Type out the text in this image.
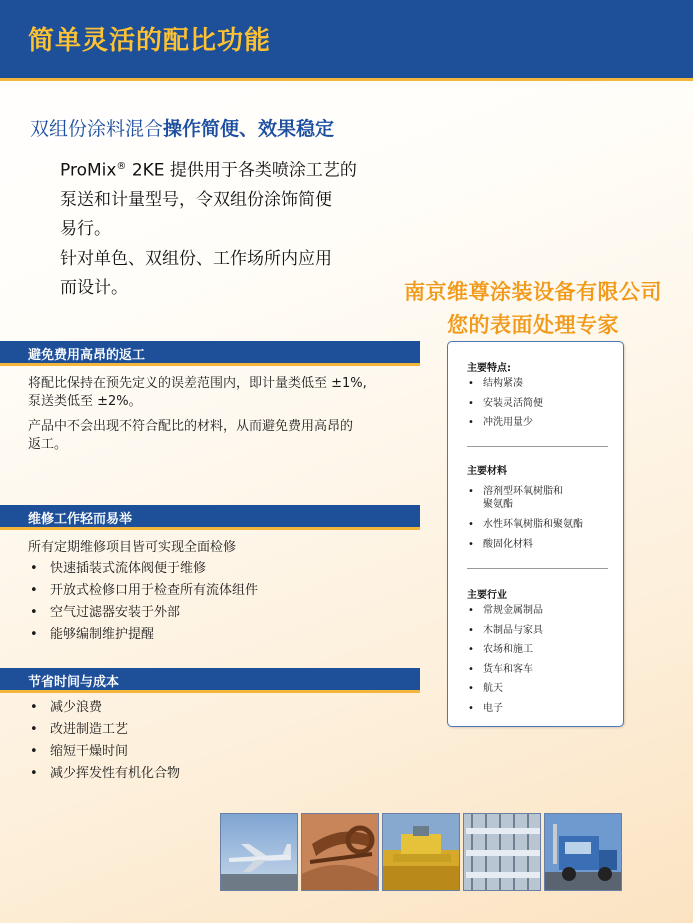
简单灵活的配比功能
双组份涂料混合操作简便、效果稳定
ProMix® 2KE 提供用于各类喷涂工艺的
泵送和计量型号，令双组份涂饰简便
易行。
针对单色、双组份、工作场所内应用
而设计。	南京维尊涂装设备有限公司
您的表面处理专家
避免费用高昂的返工
将配比保持在预先定义的误差范围内，即计量类低至 ±1%,
泵送类低至 ±2%。
产品中不会出现不符合配比的材料，从而避免费用高昂的
返工。
维修工作轻而易举
所有定期维修项目皆可实现全面检修
• 快速插装式流体阀便于维修
• 开放式检修口用于检查所有流体组件
• 空气过滤器安装于外部
• 能够编制维护提醒
节省时间与成本
• 减少浪费
• 改进制造工艺
• 缩短干燥时间
• 减少挥发性有机化合物
主要特点:
• 结构紧凑
• 安装灵活简便
• 冲洗用量少
主要材料
• 溶剂型环氧树脂和
聚氨酯
• 水性环氧树脂和聚氨酯
• 酸固化材料
主要行业
• 常规金属制品
• 木制品与家具
• 农场和施工
• 货车和客车
• 航天
• 电子
